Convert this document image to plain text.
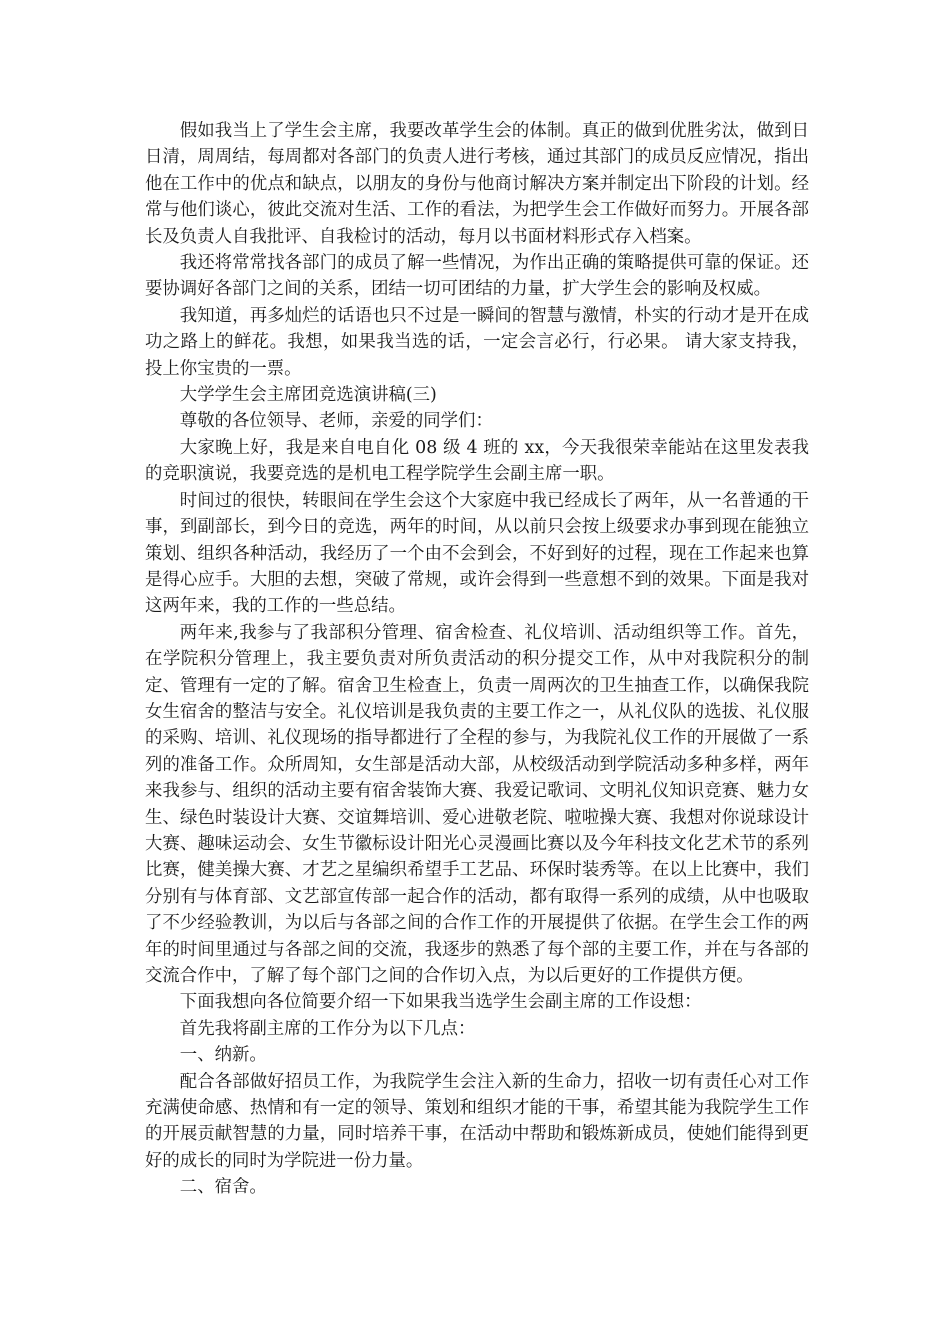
假如我当上了学生会主席，我要改革学生会的体制。真正的做到优胜劣汰，做到日日清，周周结，每周都对各部门的负责人进行考核，通过其部门的成员反应情况，指出他在工作中的优点和缺点，以朋友的身份与他商讨解决方案并制定出下阶段的计划。经常与他们谈心，彼此交流对生活、工作的看法，为把学生会工作做好而努力。开展各部长及负责人自我批评、自我检讨的活动，每月以书面材料形式存入档案。

我还将常常找各部门的成员了解一些情况，为作出正确的策略提供可靠的保证。还要协调好各部门之间的关系，团结一切可团结的力量，扩大学生会的影响及权威。

我知道，再多灿烂的话语也只不过是一瞬间的智慧与激情，朴实的行动才是开在成功之路上的鲜花。我想，如果我当选的话，一定会言必行，行必果。 请大家支持我，投上你宝贵的一票。

大学学生会主席团竞选演讲稿(三)

尊敬的各位领导、老师，亲爱的同学们：

大家晚上好，我是来自电自化 08 级 4 班的 xx，今天我很荣幸能站在这里发表我的竞职演说，我要竞选的是机电工程学院学生会副主席一职。

时间过的很快，转眼间在学生会这个大家庭中我已经成长了两年，从一名普通的干事，到副部长，到今日的竞选，两年的时间，从以前只会按上级要求办事到现在能独立策划、组织各种活动，我经历了一个由不会到会，不好到好的过程，现在工作起来也算是得心应手。大胆的去想，突破了常规，或许会得到一些意想不到的效果。下面是我对这两年来，我的工作的一些总结。

两年来,我参与了我部积分管理、宿舍检查、礼仪培训、活动组织等工作。首先，在学院积分管理上，我主要负责对所负责活动的积分提交工作，从中对我院积分的制定、管理有一定的了解。宿舍卫生检查上，负责一周两次的卫生抽查工作，以确保我院女生宿舍的整洁与安全。礼仪培训是我负责的主要工作之一，从礼仪队的选拔、礼仪服的采购、培训、礼仪现场的指导都进行了全程的参与，为我院礼仪工作的开展做了一系列的准备工作。众所周知，女生部是活动大部，从校级活动到学院活动多种多样，两年来我参与、组织的活动主要有宿舍装饰大赛、我爱记歌词、文明礼仪知识竞赛、魅力女生、绿色时装设计大赛、交谊舞培训、爱心进敬老院、啦啦操大赛、我想对你说球设计大赛、趣味运动会、女生节徽标设计阳光心灵漫画比赛以及今年科技文化艺术节的系列比赛，健美操大赛、才艺之星编织希望手工艺品、环保时装秀等。在以上比赛中，我们分别有与体育部、文艺部宣传部一起合作的活动，都有取得一系列的成绩，从中也吸取了不少经验教训，为以后与各部之间的合作工作的开展提供了依据。在学生会工作的两年的时间里通过与各部之间的交流，我逐步的熟悉了每个部的主要工作，并在与各部的交流合作中，了解了每个部门之间的合作切入点，为以后更好的工作提供方便。

下面我想向各位简要介绍一下如果我当选学生会副主席的工作设想：

首先我将副主席的工作分为以下几点：

一、纳新。

配合各部做好招员工作，为我院学生会注入新的生命力，招收一切有责任心对工作充满使命感、热情和有一定的领导、策划和组织才能的干事，希望其能为我院学生工作的开展贡献智慧的力量，同时培养干事，在活动中帮助和锻炼新成员，使她们能得到更好的成长的同时为学院进一份力量。

二、宿舍。
